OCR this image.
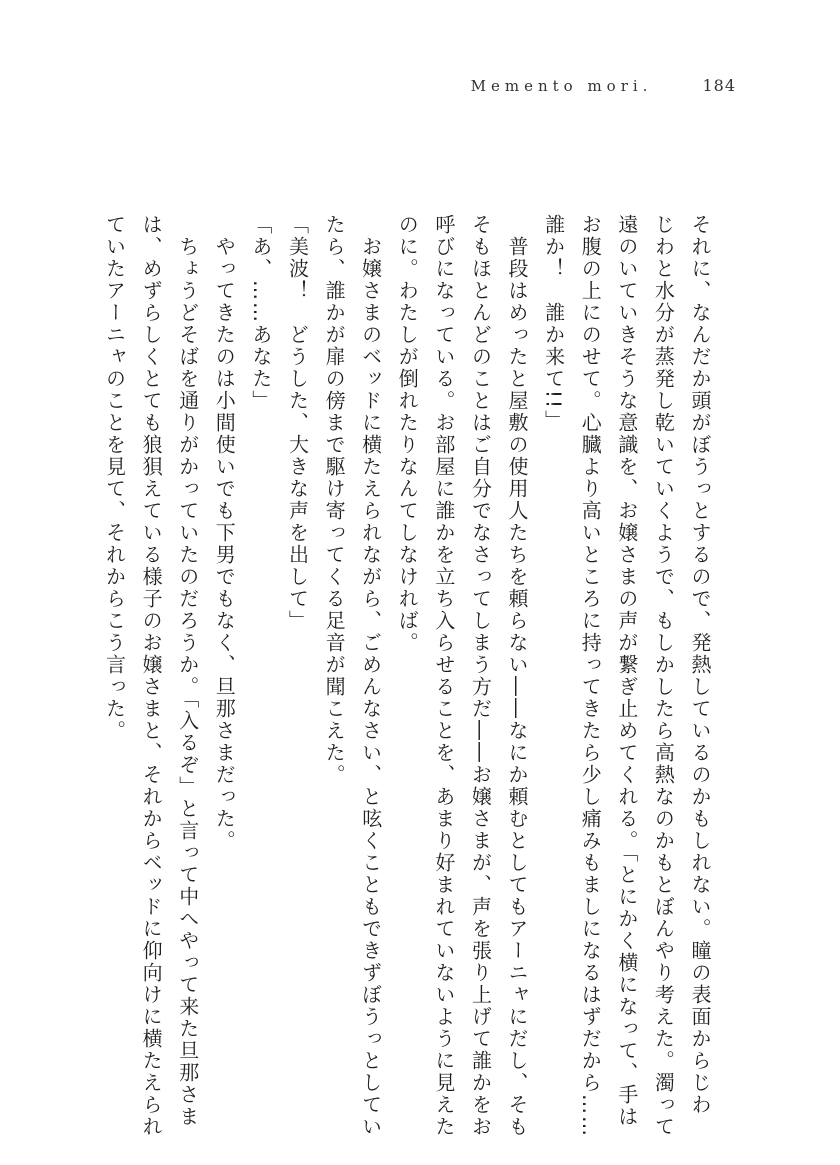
Memento mori.	184
それに、なんだか頭がぼうっとするので、発熱しているのかもしれない。瞳の表面からじわ
じわと水分が蒸発し乾いていくようで、もしかしたら高熱なのかもとぼんやり考えた。濁って
遠のいていきそうな意識を、お嬢さまの声が繋ぎ止めてくれる。「とにかく横になって、手は
お腹の上にのせて。心臓より高いところに持ってきたら少し痛みもましになるはずだから……
誰か！　誰か来て!!」
　普段はめったと屋敷の使用人たちを頼らない――なにか頼むとしてもアーニャにだし、そも
そもほとんどのことはご自分でなさってしまう方だ――お嬢さまが、声を張り上げて誰かをお
呼びになっている。お部屋に誰かを立ち入らせることを、あまり好まれていないように見えた
のに。わたしが倒れたりなんてしなければ。
　お嬢さまのベッドに横たえられながら、ごめんなさい、と呟くこともできずぼうっとしてい
たら、誰かが扉の傍まで駆け寄ってくる足音が聞こえた。
「美波！　どうした、大きな声を出して」
「あ、……あなた」
　やってきたのは小間使いでも下男でもなく、旦那さまだった。
　ちょうどそばを通りがかっていたのだろうか。「入るぞ」と言って中へやって来た旦那さま
は、めずらしくとても狼狽えている様子のお嬢さまと、それからベッドに仰向けに横たえられ
ていたアーニャのことを見て、それからこう言った。
